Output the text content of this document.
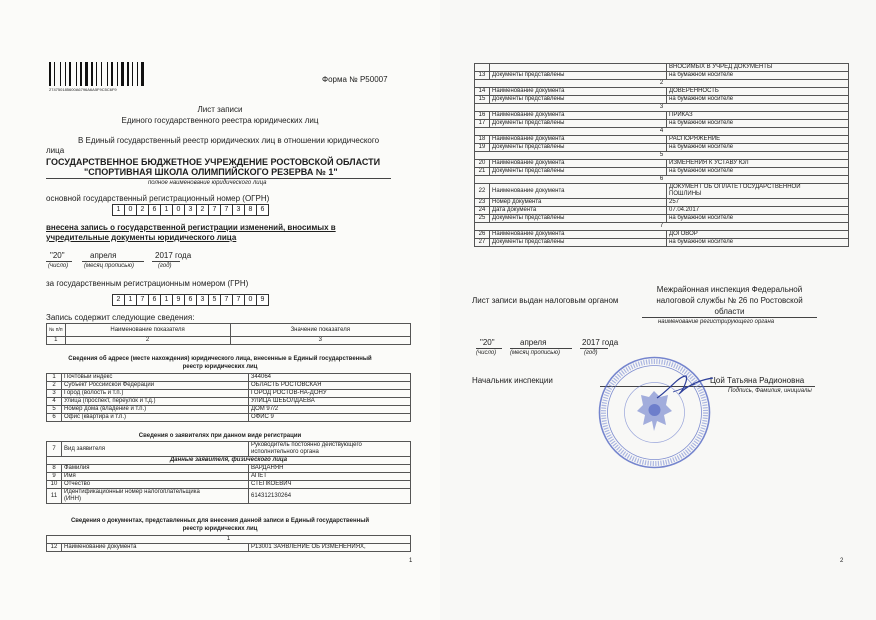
274750185600A6796A6A5F9C5C6F9
Форма № Р50007
Лист записи
Единого государственного реестра юридических лиц
В Единый государственный реестр юридических лиц в отношении юридического лица
ГОСУДАРСТВЕННОЕ БЮДЖЕТНОЕ УЧРЕЖДЕНИЕ РОСТОВСКОЙ ОБЛАСТИ
"СПОРТИВНАЯ ШКОЛА ОЛИМПИЙСКОГО РЕЗЕРВА № 1"
полное наименование юридического лица
основной государственный регистрационный номер (ОГРН)
1	0	2	6	1	0	3	2	7	7	3	8	6
внесена запись о государственной регистрации изменений, вносимых в
учредительные документы юридического лица
"20"	апреля	2017 года
(число)	(месяц прописью)	(год)
за государственным регистрационным номером (ГРН)
2	1	7	6	1	9	6	3	5	7	7	0	9
Запись содержит следующие сведения:
№ п/п	Наименование показателя	Значение показателя
1	2	3
Сведения об адресе (месте нахождения) юридического лица, внесенные в Единый государственный
реестр юридических лиц
1	Почтовый индекс	344064
2	Субъект Российской Федерации	ОБЛАСТЬ РОСТОВСКАЯ
3	Город (волость и т.п.)	ГОРОД РОСТОВ-НА-ДОНУ
4	Улица (проспект, переулок и т.д.)	УЛИЦА ШЕБОЛДАЕВА
5	Номер дома (владение и т.п.)	ДОМ 97/2
6	Офис (квартира и т.п.)	ОФИС 9
Сведения о заявителях при данном виде регистрации
7	Вид заявителя	Руководитель постоянно действующего
исполнительного органа

Данные заявителя, физического лица		
8	Фамилия	ВАРДАНЯН
9	Имя	АПЕТ
10	Отчество	СТЕПКОЕВИЧ
11	Идентификационный номер налогоплательщика
(ИНН)	614312130264
Сведения о документах, представленных для внесения данной записи в Единый государственный
реестр юридических лиц
1
12	Наименование документа	Р13001 ЗАЯВЛЕНИЕ ОБ ИЗМЕНЕНИЯХ,
1
		ВНОСИМЫХ В УЧРЕД ДОКУМЕНТЫ
13	Документы представлены	на бумажном носителе
2		
14	Наименование документа	ДОВЕРЕННОСТЬ
15	Документы представлены	на бумажном носителе
3		
16	Наименование документа	ПРИКАЗ
17	Документы представлены	на бумажном носителе
4		
18	Наименование документа	РАСПОРЯЖЕНИЕ
19	Документы представлены	на бумажном носителе
5		
20	Наименование документа	ИЗМЕНЕНИЯ К УСТАВУ ЮЛ
21	Документы представлены	на бумажном носителе
6		
22	Наименование документа	ДОКУМЕНТ ОБ ОПЛАТЕ ГОСУДАРСТВЕННОЙ
ПОШЛИНЫ

23	Номер документа	257
24	Дата документа	07.04.2017
25	Документы представлены	на бумажном носителе
7		
26	Наименование документа	ДОГОВОР
27	Документы представлены	на бумажном носителе
Лист записи выдан налоговым органом
Межрайонная инспекция Федеральной
налоговой службы № 26 по Ростовской
области
наименование регистрирующего органа
"20"	апреля	2017 года
(число) (месяц прописью)	(год)
Начальник инспекции	Цой Татьяна Радионовна
Подпись, Фамилия, инициалы
2
